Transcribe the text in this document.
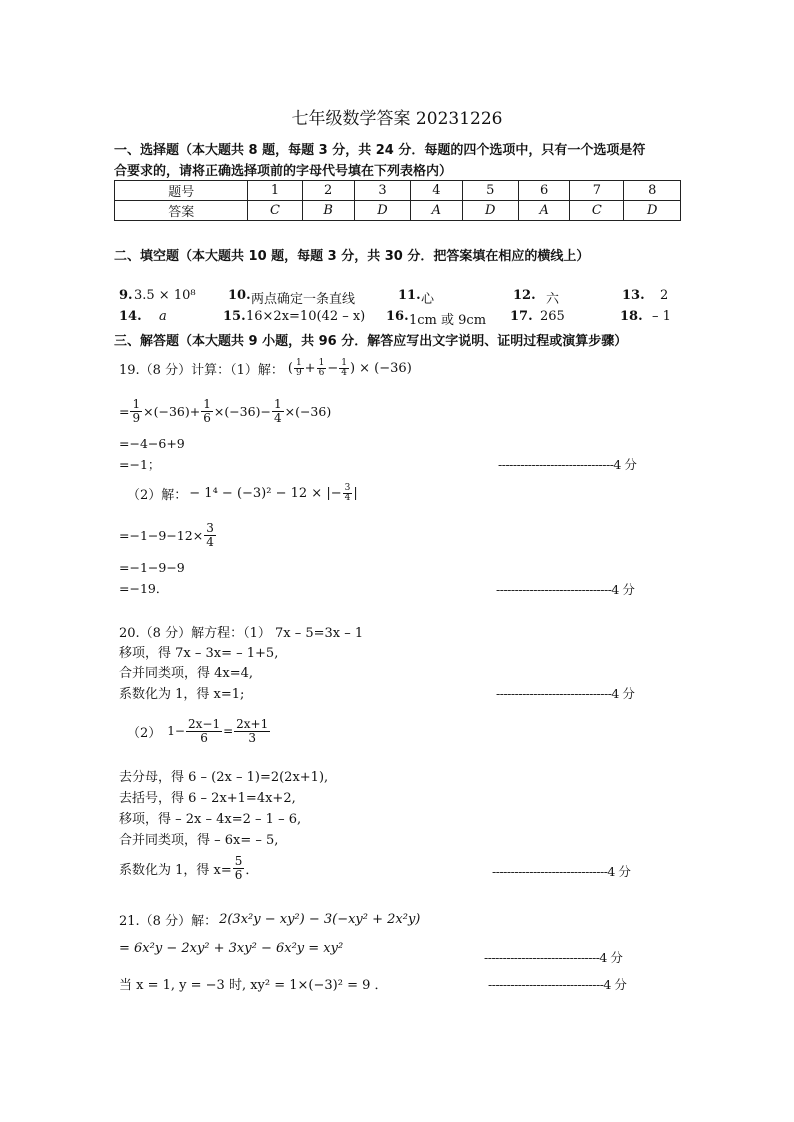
七年级数学答案 20231226
一、选择题（本大题共 8 题，每题 3 分，共 24 分．每题的四个选项中，只有一个选项是符
合要求的，请将正确选择项前的字母代号填在下列表格内）
题号	1	2	3	4	5	6	7	8
答案	C	B	D	A	D	A	C	D
二、填空题（本大题共 10 题，每题 3 分，共 30 分．把答案填在相应的横线上）
9. 3.5 × 10⁸ 10. 两点确定一条直线	11. 心	12. 六	13. 2
14. a	15. 16×2x=10(42 – x) 16. 1cm 或 9cm 17. 265	18. – 1
三、解答题（本大题共 9 小题，共 96 分．解答应写出文字说明、证明过程或演算步骤）
19.（8 分）计算：（1）解： ( $\frac{1}{9} + \frac{1}{6} - \frac{1}{4}$ ) × (−36)
= $\frac{1}{9} \times(-36)+ \frac{1}{6} \times(-36)- \frac{1}{4} \times(-36)$
=−4−6+9
=−1；	-------------------------------4 分
（2）解： − 1⁴ − (−3)² − 12 × |− $\frac{3}{4}$ |
$=-1-9-12\times \frac{3}{4}$
=−1−9−9
=−19．	-------------------------------4 分
20.（8 分）解方程：（1） 7x – 5=3x – 1
移项，得 7x – 3x= – 1+5,
合并同类项，得 4x=4,
系数化为 1，得 x=1;	-------------------------------4 分
（2） $1- \frac{2x-1}{6} = \frac{2x+1}{3}$
去分母，得 6 – (2x – 1)=2(2x+1),
去括号，得 6 – 2x+1=4x+2,
移项，得 – 2x – 4x=2 – 1 – 6,
合并同类项，得 – 6x= – 5,
系数化为 1，得 $x= \frac{5}{6}$ ．	-------------------------------4 分
21.（8 分）解： 2(3x²y − xy²) − 3(−xy² + 2x²y)
= 6x²y − 2xy² + 3xy² − 6x²y = xy²
-------------------------------4 分
当 x = 1, y = −3 时, xy² = 1×(−3)² = 9 ．	-------------------------------4 分
